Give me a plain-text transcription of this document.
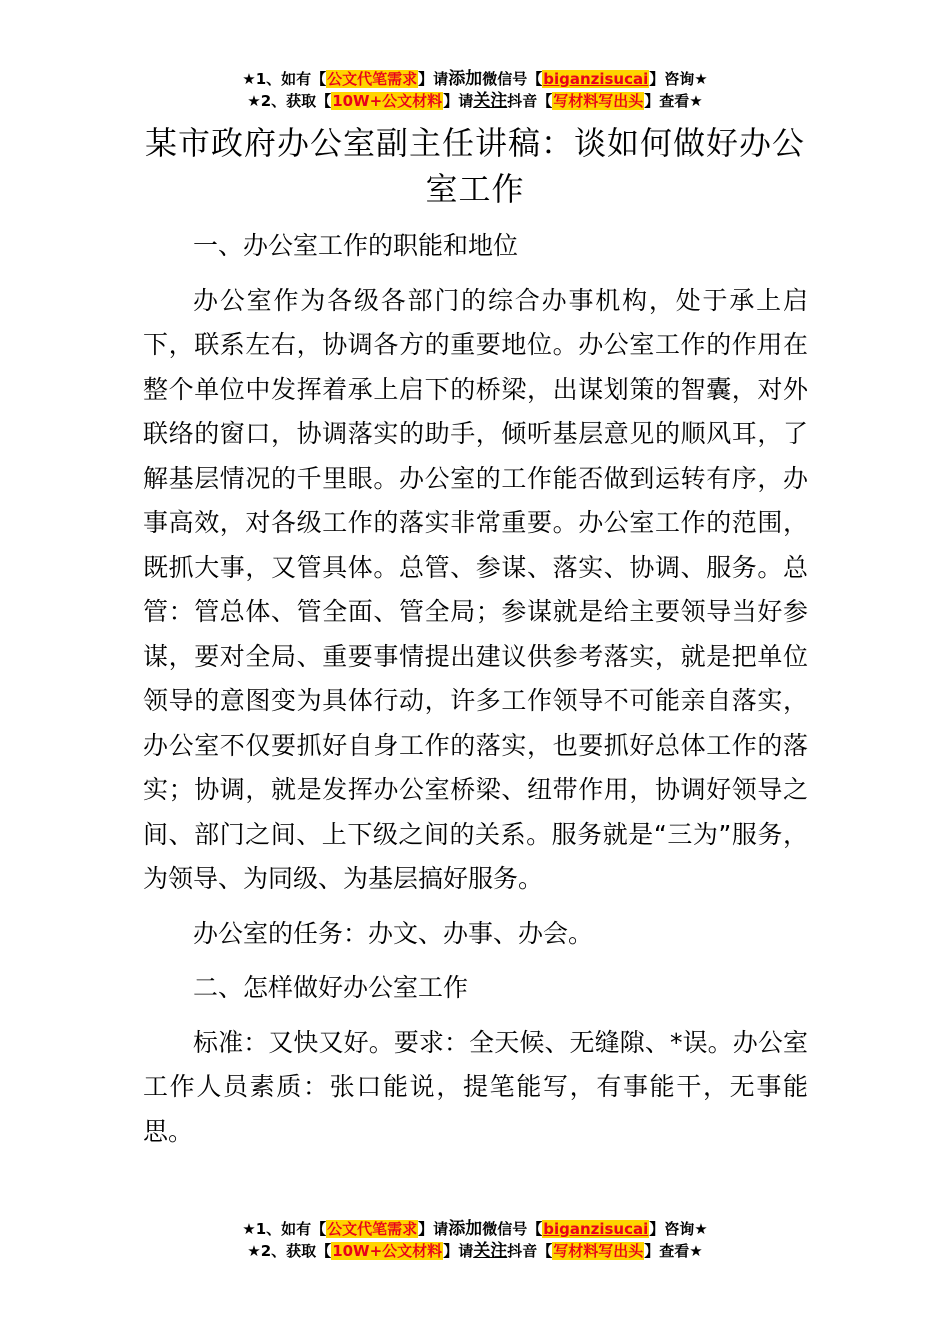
★1、如有【公文代笔需求】请添加微信号【biganzisucai】咨询★
★2、获取【10W+公文材料】请关注抖音【写材料写出头】查看★
某市政府办公室副主任讲稿：谈如何做好办公室工作

一、办公室工作的职能和地位

办公室作为各级各部门的综合办事机构，处于承上启下，联系左右，协调各方的重要地位。办公室工作的作用在整个单位中发挥着承上启下的桥梁，出谋划策的智囊，对外联络的窗口，协调落实的助手，倾听基层意见的顺风耳，了解基层情况的千里眼。办公室的工作能否做到运转有序，办事高效，对各级工作的落实非常重要。办公室工作的范围，既抓大事，又管具体。总管、参谋、落实、协调、服务。总管：管总体、管全面、管全局；参谋就是给主要领导当好参谋，要对全局、重要事情提出建议供参考落实，就是把单位领导的意图变为具体行动，许多工作领导不可能亲自落实，办公室不仅要抓好自身工作的落实，也要抓好总体工作的落实；协调，就是发挥办公室桥梁、纽带作用，协调好领导之间、部门之间、上下级之间的关系。服务就是“三为”服务，为领导、为同级、为基层搞好服务。

办公室的任务：办文、办事、办会。

二、怎样做好办公室工作

标准：又快又好。要求：全天候、无缝隙、*误。办公室工作人员素质：张口能说，提笔能写，有事能干，无事能思。

★1、如有【公文代笔需求】请添加微信号【biganzisucai】咨询★
★2、获取【10W+公文材料】请关注抖音【写材料写出头】查看★
